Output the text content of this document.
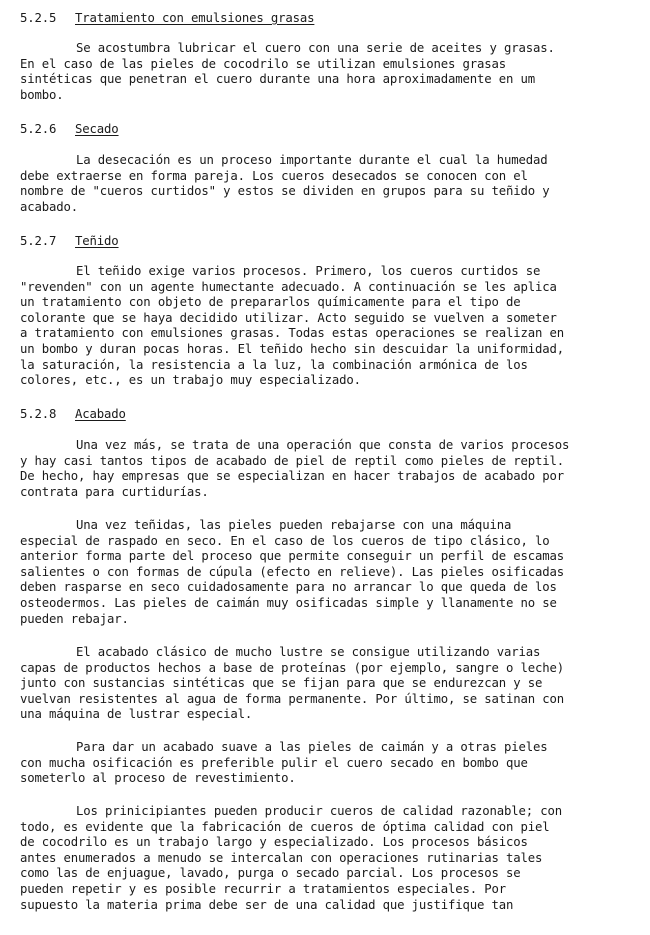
5.2.5 Tratamiento con emulsiones grasas
Se acostumbra lubricar el cuero con una serie de aceites y grasas.
En el caso de las pieles de cocodrilo se utilizan emulsiones grasas
sintéticas que penetran el cuero durante una hora aproximadamente en um
bombo.
5.2.6 Secado
La desecación es un proceso importante durante el cual la humedad
debe extraerse en forma pareja. Los cueros desecados se conocen con el
nombre de "cueros curtidos" y estos se dividen en grupos para su teñido y
acabado.
5.2.7 Teñido
El teñido exige varios procesos. Primero, los cueros curtidos se
"revenden" con un agente humectante adecuado. A continuación se les aplica
un tratamiento con objeto de prepararlos químicamente para el tipo de
colorante que se haya decidido utilizar. Acto seguido se vuelven a someter
a tratamiento con emulsiones grasas. Todas estas operaciones se realizan en
un bombo y duran pocas horas. El teñido hecho sin descuidar la uniformidad,
la saturación, la resistencia a la luz, la combinación armónica de los
colores, etc., es un trabajo muy especializado.
5.2.8 Acabado
Una vez más, se trata de una operación que consta de varios procesos
y hay casi tantos tipos de acabado de piel de reptil como pieles de reptil.
De hecho, hay empresas que se especializan en hacer trabajos de acabado por
contrata para curtidurías.
Una vez teñidas, las pieles pueden rebajarse con una máquina
especial de raspado en seco. En el caso de los cueros de tipo clásico, lo
anterior forma parte del proceso que permite conseguir un perfil de escamas
salientes o con formas de cúpula (efecto en relieve). Las pieles osificadas
deben rasparse en seco cuidadosamente para no arrancar lo que queda de los
osteodermos. Las pieles de caimán muy osificadas simple y llanamente no se
pueden rebajar.
El acabado clásico de mucho lustre se consigue utilizando varias
capas de productos hechos a base de proteínas (por ejemplo, sangre o leche)
junto con sustancias sintéticas que se fijan para que se endurezcan y se
vuelvan resistentes al agua de forma permanente. Por último, se satinan con
una máquina de lustrar especial.
Para dar un acabado suave a las pieles de caimán y a otras pieles
con mucha osificación es preferible pulir el cuero secado en bombo que
someterlo al proceso de revestimiento.
Los prinicipiantes pueden producir cueros de calidad razonable; con
todo, es evidente que la fabricación de cueros de óptima calidad con piel
de cocodrilo es un trabajo largo y especializado. Los procesos básicos
antes enumerados a menudo se intercalan con operaciones rutinarias tales
como las de enjuague, lavado, purga o secado parcial. Los procesos se
pueden repetir y es posible recurrir a tratamientos especiales. Por
supuesto la materia prima debe ser de una calidad que justifique tan
